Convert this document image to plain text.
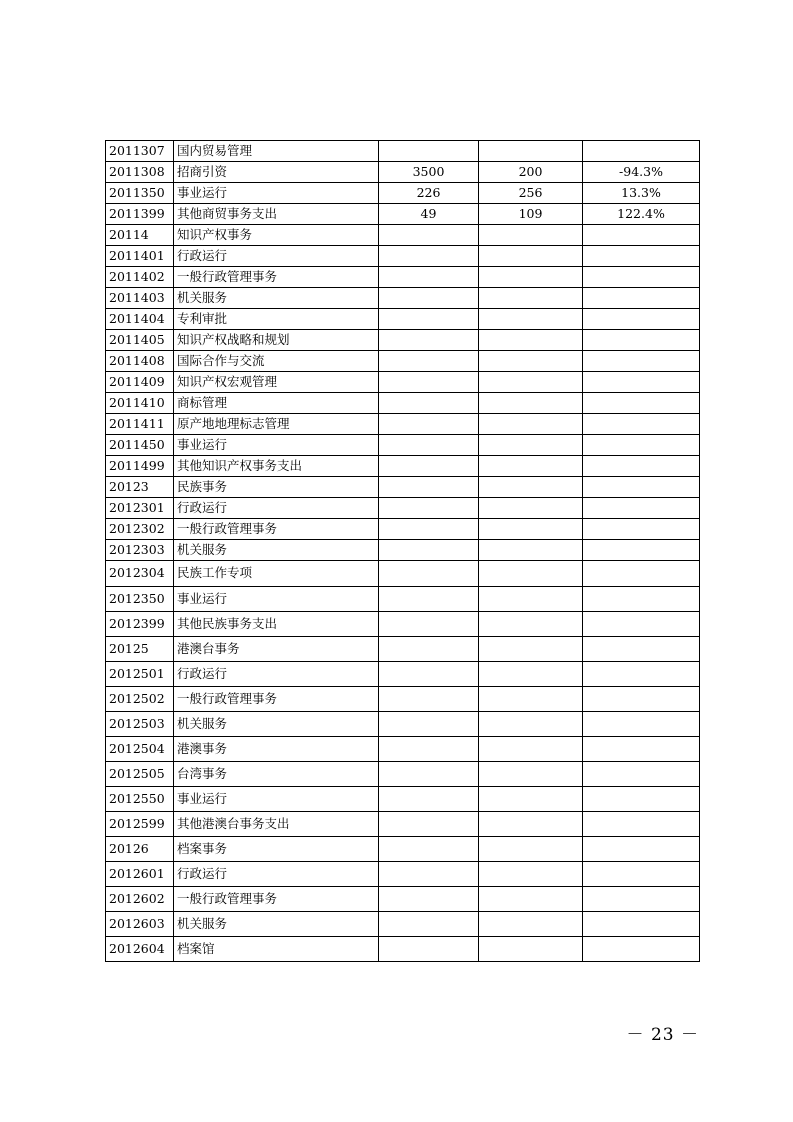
2011307	国内贸易管理			
2011308	招商引资	3500	200	-94.3%
2011350	事业运行	226	256	13.3%
2011399	其他商贸事务支出	49	109	122.4%
20114	知识产权事务			
2011401	行政运行			
2011402	一般行政管理事务			
2011403	机关服务			
2011404	专利审批			
2011405	知识产权战略和规划			
2011408	国际合作与交流			
2011409	知识产权宏观管理			
2011410	商标管理			
2011411	原产地地理标志管理			
2011450	事业运行			
2011499	其他知识产权事务支出			
20123	民族事务			
2012301	行政运行			
2012302	一般行政管理事务			
2012303	机关服务			
2012304	民族工作专项			
2012350	事业运行			
2012399	其他民族事务支出			
20125	港澳台事务			
2012501	行政运行			
2012502	一般行政管理事务			
2012503	机关服务			
2012504	港澳事务			
2012505	台湾事务			
2012550	事业运行			
2012599	其他港澳台事务支出			
20126	档案事务			
2012601	行政运行			
2012602	一般行政管理事务			
2012603	机关服务			
2012604	档案馆			
－ 23 －
